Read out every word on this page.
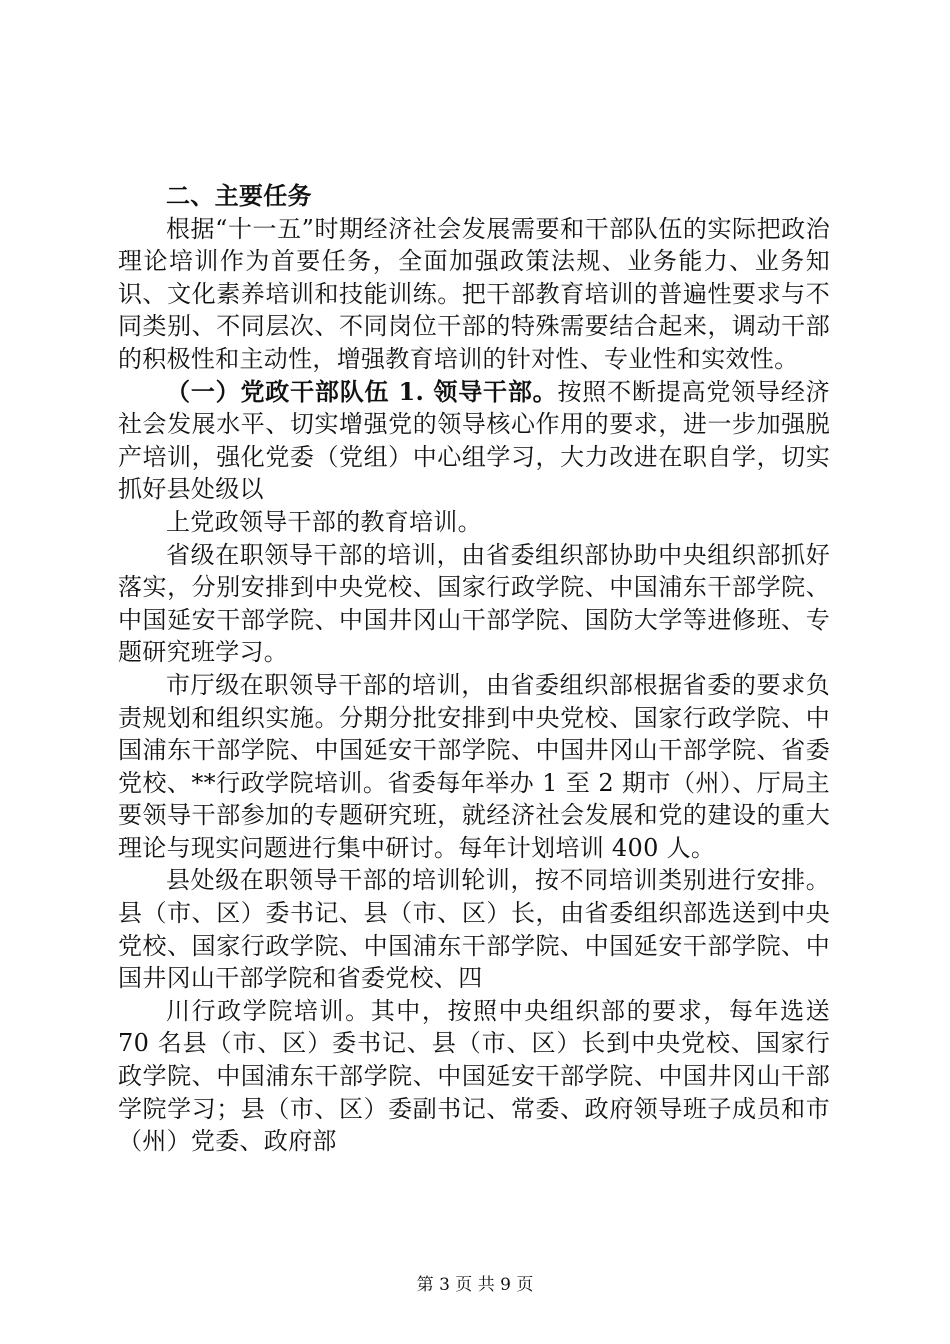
二、主要任务

根据“十一五”时期经济社会发展需要和干部队伍的实际把政治理论培训作为首要任务，全面加强政策法规、业务能力、业务知识、文化素养培训和技能训练。把干部教育培训的普遍性要求与不同类别、不同层次、不同岗位干部的特殊需要结合起来，调动干部的积极性和主动性，增强教育培训的针对性、专业性和实效性。

（一）党政干部队伍 1. 领导干部。按照不断提高党领导经济社会发展水平、切实增强党的领导核心作用的要求，进一步加强脱产培训，强化党委（党组）中心组学习，大力改进在职自学，切实抓好县处级以

上党政领导干部的教育培训。

省级在职领导干部的培训，由省委组织部协助中央组织部抓好落实，分别安排到中央党校、国家行政学院、中国浦东干部学院、中国延安干部学院、中国井冈山干部学院、国防大学等进修班、专题研究班学习。

市厅级在职领导干部的培训，由省委组织部根据省委的要求负责规划和组织实施。分期分批安排到中央党校、国家行政学院、中国浦东干部学院、中国延安干部学院、中国井冈山干部学院、省委党校、**行政学院培训。省委每年举办 1 至 2 期市（州）、厅局主要领导干部参加的专题研究班，就经济社会发展和党的建设的重大理论与现实问题进行集中研讨。每年计划培训 400 人。

县处级在职领导干部的培训轮训，按不同培训类别进行安排。县（市、区）委书记、县（市、区）长，由省委组织部选送到中央党校、国家行政学院、中国浦东干部学院、中国延安干部学院、中国井冈山干部学院和省委党校、四

川行政学院培训。其中，按照中央组织部的要求，每年选送 70 名县（市、区）委书记、县（市、区）长到中央党校、国家行政学院、中国浦东干部学院、中国延安干部学院、中国井冈山干部学院学习；县（市、区）委副书记、常委、政府领导班子成员和市（州）党委、政府部

第 3 页 共 9 页
